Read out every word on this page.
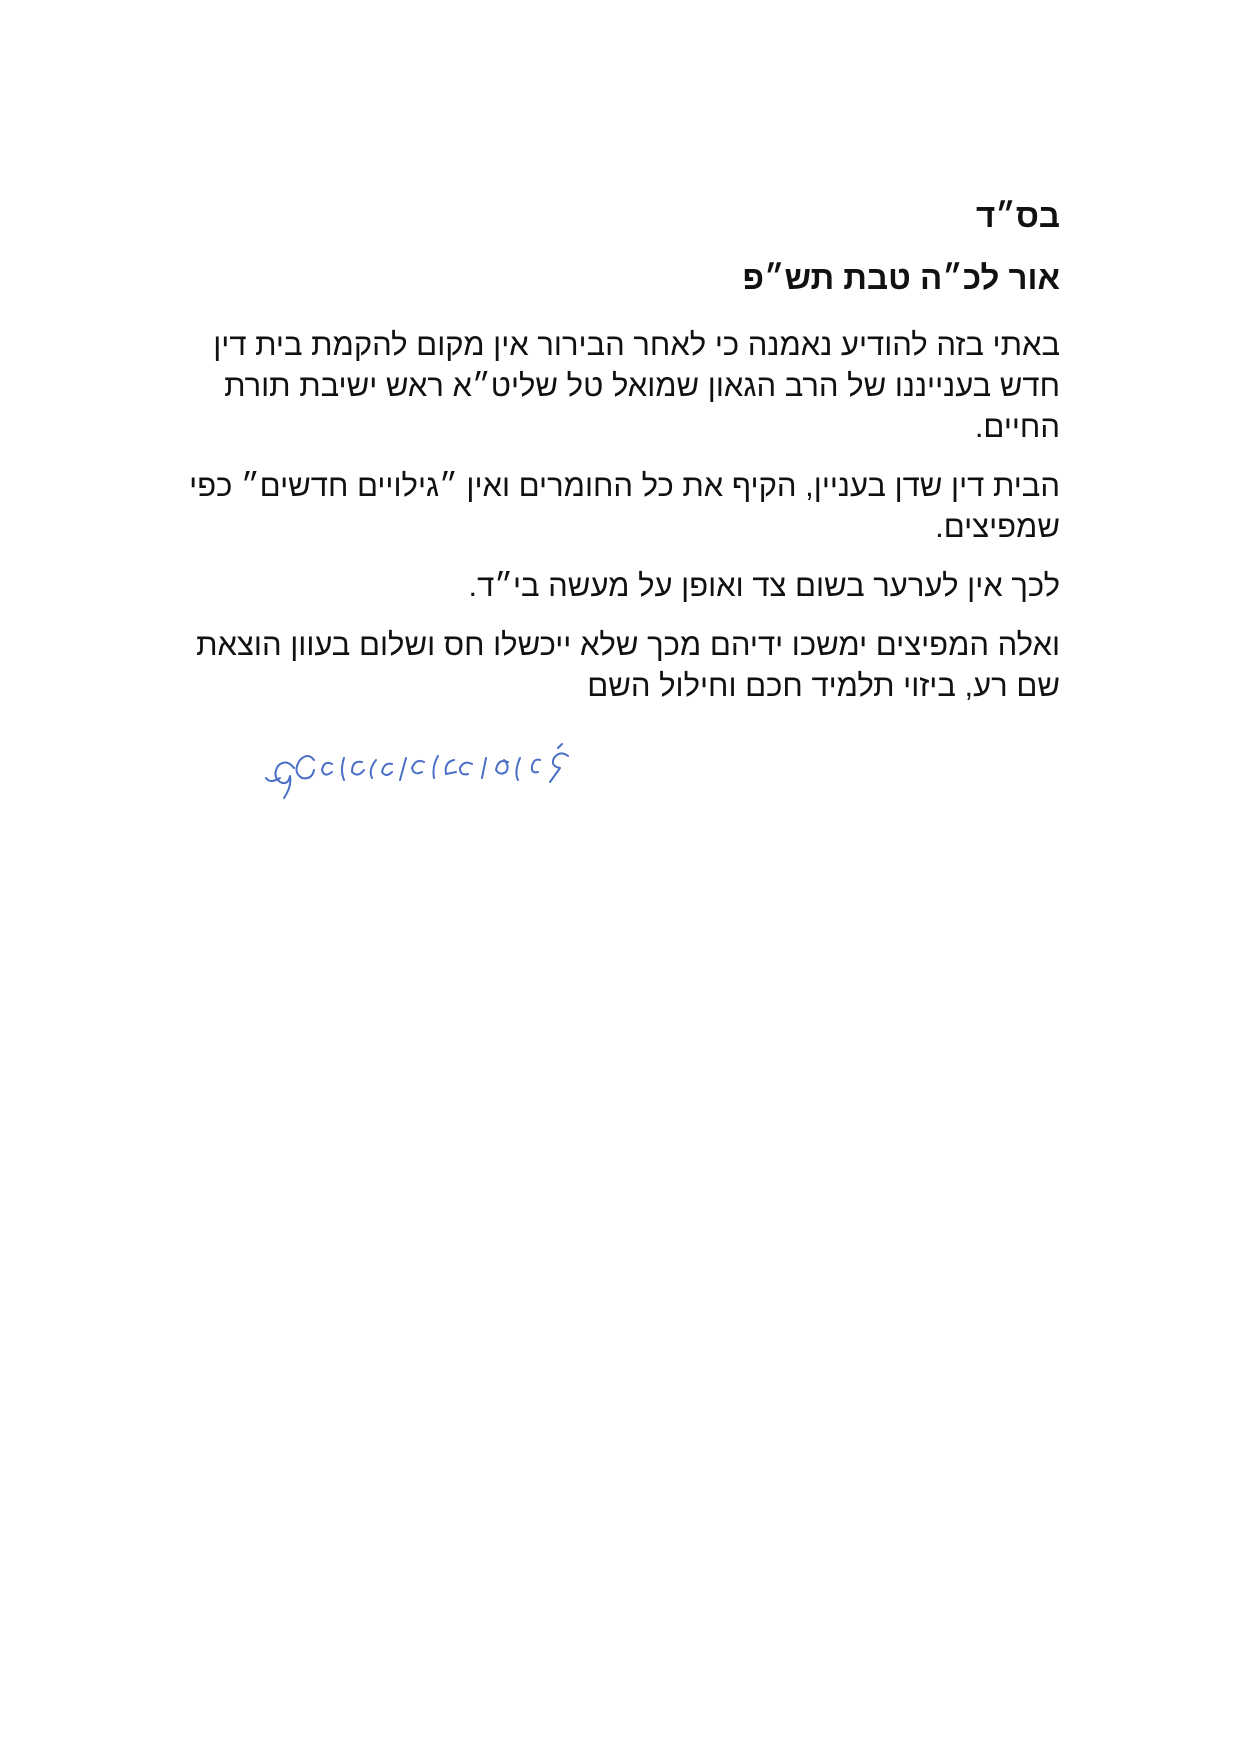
בס״ד

אור לכ״ה טבת תש״פ

באתי בזה להודיע נאמנה כי לאחר הבירור אין מקום להקמת בית דין חדש בענייננו של הרב הגאון שמואל טל שליט״א ראש ישיבת תורת החיים.

הבית דין שדן בעניין, הקיף את כל החומרים ואין ״גילויים חדשים״ כפי שמפיצים.

לכך אין לערער בשום צד ואופן על מעשה בי״ד.

ואלה המפיצים ימשכו ידיהם מכך שלא ייכשלו חס ושלום בעוון הוצאת שם רע, ביזוי תלמיד חכם וחילול השם
